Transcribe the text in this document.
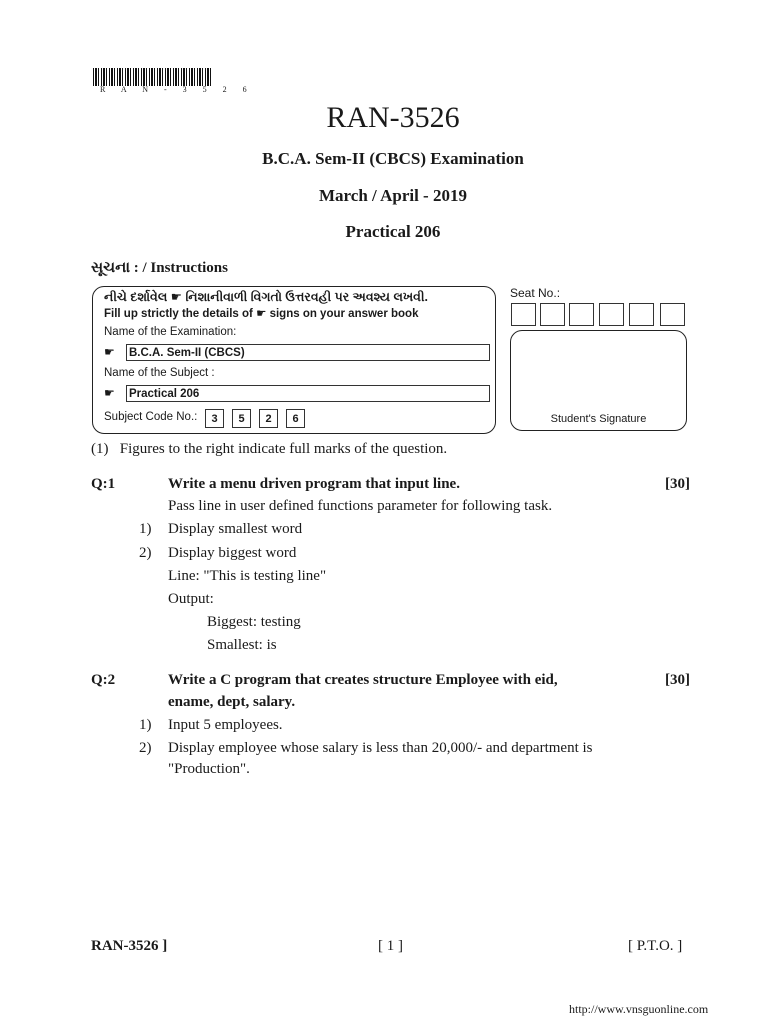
R A N - 3 5 2 6
RAN-3526
B.C.A. Sem-II (CBCS) Examination
March / April - 2019
Practical 206
સૂચના : / Instructions
નીચે દર્શાવેલ ☛ નિશાનીવાળી વિગતો ઉત્તરવહી પર અવશ્ય લખવી.
Fill up strictly the details of ☛ signs on your answer book
Name of the Examination:
☛ B.C.A. Sem-II (CBCS)
Name of the Subject :
☛ Practical 206
Subject Code No.:	3	5	2	6
Seat No.:
Student's Signature
(1)   Figures to the right indicate full marks of the question.
Q:1	Write a menu driven program that input line.	[30]
Pass line in user defined functions parameter for following task.
1) Display smallest word
2) Display biggest word
Line: "This is testing line"
Output:
Biggest: testing
Smallest: is
Q:2	Write a C program that creates structure Employee with eid,	[30]
ename, dept, salary.
1) Input 5 employees.
2) Display employee whose salary is less than 20,000/- and department is
"Production".
RAN-3526 ]	[ 1 ]	[ P.T.O. ]
http://www.vnsguonline.com
